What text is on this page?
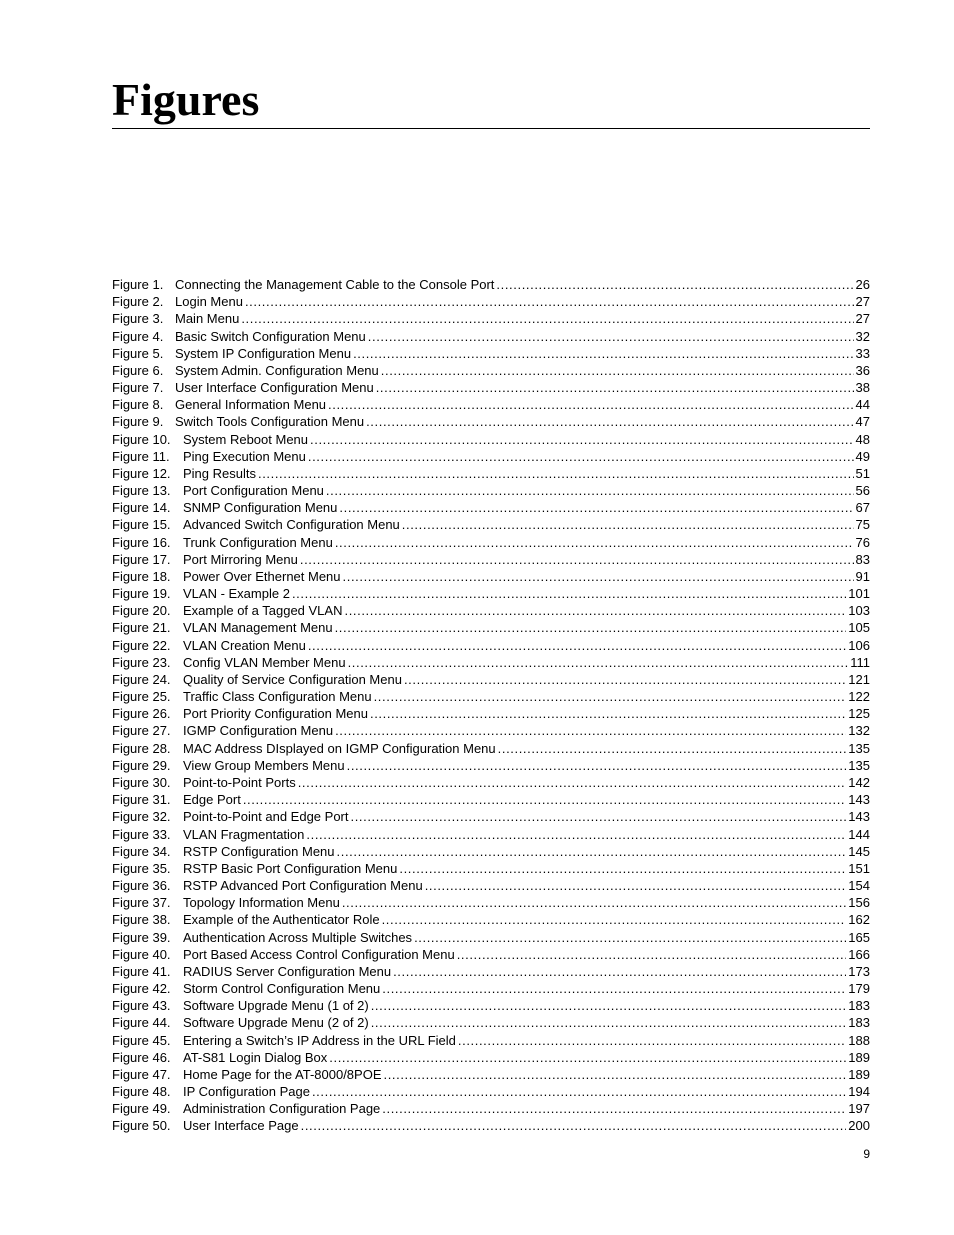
Figures
Figure 1. Connecting the Management Cable to the Console Port .....	26
Figure 2. Login Menu .....	27
Figure 3. Main Menu .....	27
Figure 4. Basic Switch Configuration Menu .....	32
Figure 5. System IP Configuration Menu .....	33
Figure 6. System Admin. Configuration Menu .....	36
Figure 7. User Interface Configuration Menu .....	38
Figure 8. General Information Menu .....	44
Figure 9. Switch Tools Configuration Menu .....	47
Figure 10. System Reboot Menu .....	48
Figure 11.	Ping Execution Menu .....	49
Figure 12. Ping Results .....	51
Figure 13. Port Configuration Menu .....	56
Figure 14. SNMP Configuration Menu .....	67
Figure 15. Advanced Switch Configuration Menu .....	75
Figure 16. Trunk Configuration Menu .....	76
Figure 17. Port Mirroring Menu .....	83
Figure 18. Power Over Ethernet Menu .....	91
Figure 19. VLAN - Example 2 .....	101
Figure 20. Example of a Tagged VLAN .....	103
Figure 21. VLAN Management Menu .....	105
Figure 22. VLAN Creation Menu .....	106
Figure 23. Config VLAN Member Menu .....	111
Figure 24. Quality of Service Configuration Menu .....	121
Figure 25. Traffic Class Configuration Menu .....	122
Figure 26. Port Priority Configuration Menu .....	125
Figure 27. IGMP Configuration Menu .....	132
Figure 28. MAC Address DIsplayed on IGMP Configuration Menu .....	135
Figure 29. View Group Members Menu .....	135
Figure 30. Point-to-Point Ports .....	142
Figure 31. Edge Port .....	143
Figure 32. Point-to-Point and Edge Port .....	143
Figure 33. VLAN Fragmentation .....	144
Figure 34. RSTP Configuration Menu .....	145
Figure 35. RSTP Basic Port Configuration Menu .....	151
Figure 36. RSTP Advanced Port Configuration Menu .....	154
Figure 37. Topology Information Menu .....	156
Figure 38. Example of the Authenticator Role .....	162
Figure 39. Authentication Across Multiple Switches .....	165
Figure 40. Port Based Access Control Configuration Menu .....	166
Figure 41. RADIUS Server Configuration Menu .....	173
Figure 42. Storm Control Configuration Menu .....	179
Figure 43. Software Upgrade Menu (1 of 2) .....	183
Figure 44. Software Upgrade Menu (2 of 2) .....	183
Figure 45. Entering a Switch’s IP Address in the URL Field .....	188
Figure 46. AT-S81 Login Dialog Box .....	189
Figure 47. Home Page for the AT-8000/8POE .....	189
Figure 48. IP Configuration Page .....	194
Figure 49. Administration Configuration Page .....	197
Figure 50. User Interface Page .....	200
9
